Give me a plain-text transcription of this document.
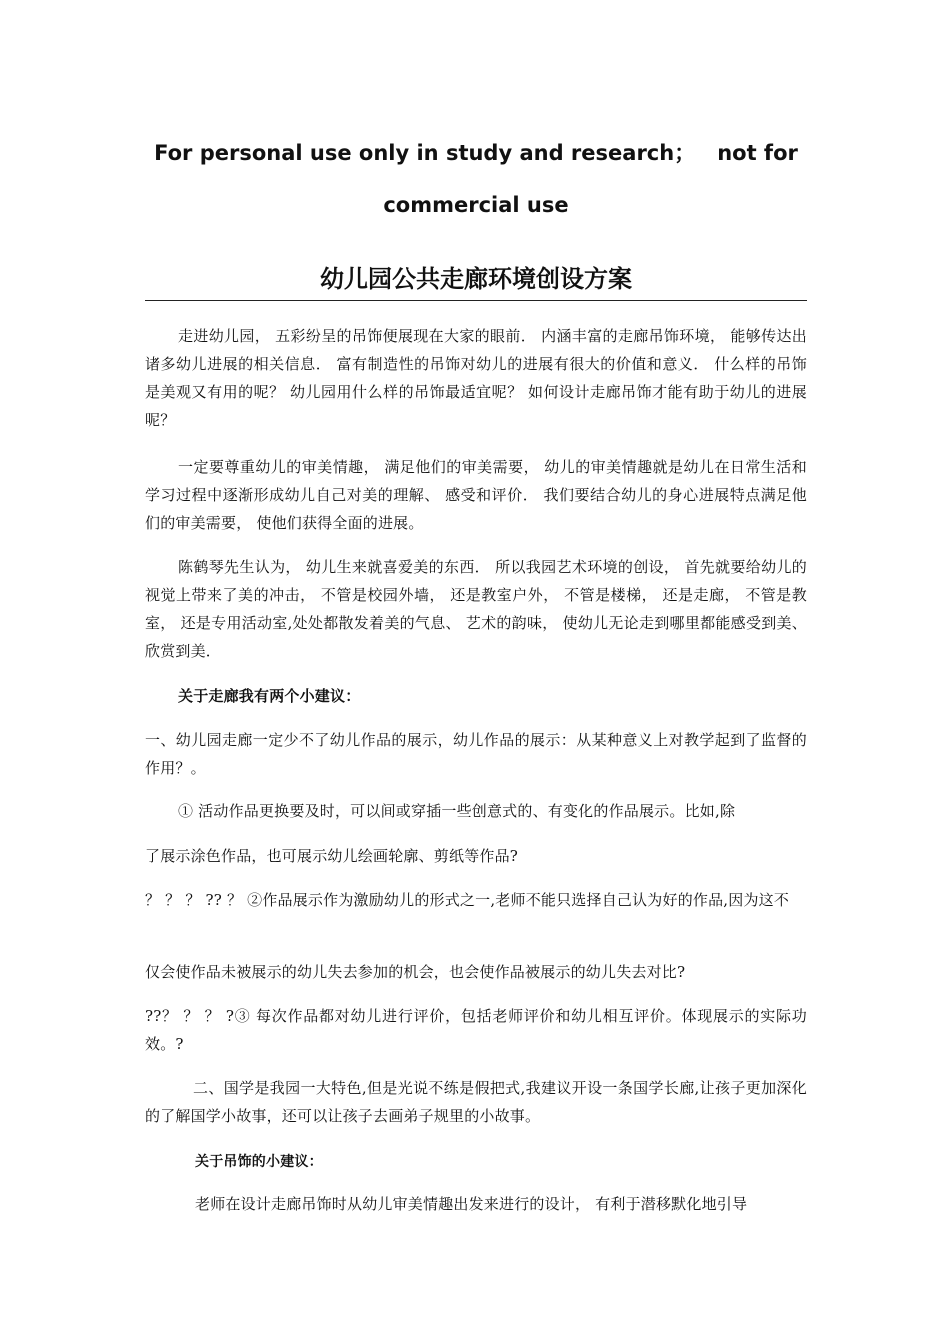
For personal use only in study and research； not for

commercial use

幼儿园公共走廊环境创设方案

走进幼儿园， 五彩纷呈的吊饰便展现在大家的眼前． 内涵丰富的走廊吊饰环境， 能够传达出诸多幼儿进展的相关信息． 富有制造性的吊饰对幼儿的进展有很大的价值和意义． 什么样的吊饰是美观又有用的呢？ 幼儿园用什么样的吊饰最适宜呢？ 如何设计走廊吊饰才能有助于幼儿的进展呢？

一定要尊重幼儿的审美情趣， 满足他们的审美需要， 幼儿的审美情趣就是幼儿在日常生活和学习过程中逐渐形成幼儿自己对美的理解、 感受和评价． 我们要结合幼儿的身心进展特点满足他们的审美需要， 使他们获得全面的进展。

陈鹤琴先生认为， 幼儿生来就喜爱美的东西． 所以我园艺术环境的创设， 首先就要给幼儿的视觉上带来了美的冲击， 不管是校园外墙， 还是教室户外， 不管是楼梯， 还是走廊， 不管是教室， 还是专用活动室,处处都散发着美的气息、 艺术的韵味， 使幼儿无论走到哪里都能感受到美、 欣赏到美．

关于走廊我有两个小建议：

一、幼儿园走廊一定少不了幼儿作品的展示，幼儿作品的展示：从某种意义上对教学起到了监督的作用？。

① 活动作品更换要及时，可以间或穿插一些创意式的、有变化的作品展示。比如,除

了展示涂色作品，也可展示幼儿绘画轮廓、剪纸等作品?

？ ？ ？ ?? ？ ②作品展示作为激励幼儿的形式之一,老师不能只选择自己认为好的作品,因为这不

仅会使作品未被展示的幼儿失去参加的机会，也会使作品被展示的幼儿失去对比?

??？ ？ ？ ?③ 每次作品都对幼儿进行评价，包括老师评价和幼儿相互评价。体现展示的实际功效。?

二、国学是我园一大特色,但是光说不练是假把式,我建议开设一条国学长廊,让孩子更加深化的了解国学小故事，还可以让孩子去画弟子规里的小故事。

关于吊饰的小建议：

老师在设计走廊吊饰时从幼儿审美情趣出发来进行的设计， 有利于潜移默化地引导
